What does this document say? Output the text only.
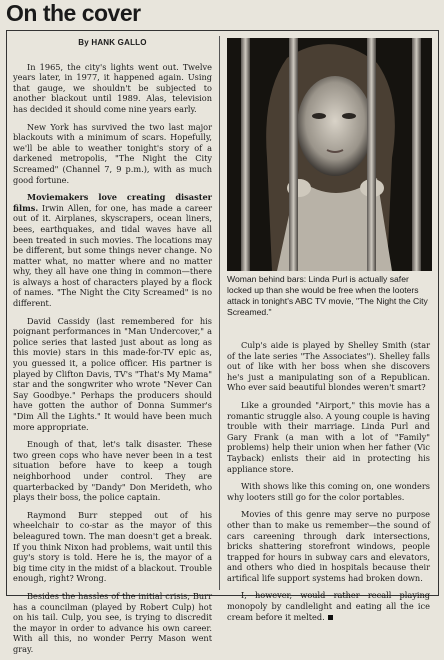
On the cover
By HANK GALLO

In 1965, the city's lights went out. Twelve years later, in 1977, it happened again. Using that gauge, we shouldn't be subjected to another blackout until 1989. Alas, television has decided it should come nine years early.

New York has survived the two last major blackouts with a minimum of scars. Hopefully, we'll be able to weather tonight's story of a darkened metropolis, "The Night the City Screamed" (Channel 7, 9 p.m.), with as much good fortune.

Moviemakers love creating disaster films. Irwin Allen, for one, has made a career out of it. Airplanes, skyscrapers, ocean liners, bees, earthquakes, and tidal waves have all been treated in such movies. The locations may be different, but some things never change. No matter what, no matter where and no matter why, they all have one thing in common—there is always a host of characters played by a flock of names. "The Night the City Screamed" is no different.

David Cassidy (last remembered for his poignant performances in "Man Undercover," a police series that lasted just about as long as this movie) stars in this made-for-TV epic as, you guessed it, a police officer. His partner is played by Clifton Davis, TV's "That's My Mama" star and the songwriter who wrote "Never Can Say Goodbye." Perhaps the producers should have gotten the author of Donna Summer's "Dim All the Lights." It would have been much more appropriate.

Enough of that, let's talk disaster. These two green cops who have never been in a test situation before have to keep a tough neighborhood under control. They are quarterbacked by "Dandy" Don Merideth, who plays their boss, the police captain.

Raymond Burr stepped out of his wheelchair to co-star as the mayor of this beleagured town. The man doesn't get a break. If you think Nixon had problems, wait until this guy's story is told. Here he is, the mayor of a big time city in the midst of a blackout. Trouble enough, right? Wrong.

Besides the hassles of the initial crisis, Burr has a councilman (played by Robert Culp) hot on his tail. Culp, you see, is trying to discredit the mayor in order to advance his own career. With all this, no wonder Perry Mason went gray.

Woman behind bars: Linda Purl is actually safer locked up than she would be free when the looters attack in tonight's ABC TV movie, "The Night the City Screamed."

Culp's aide is played by Shelley Smith (star of the late series "The Associates"). Shelley falls out of like with her boss when she discovers he's just a manipulating son of a Republican. Who ever said beautiful blondes weren't smart?

Like a grounded "Airport," this movie has a romantic struggle also. A young couple is having trouble with their marriage. Linda Purl and Gary Frank (a man with a lot of "Family" problems) help their union when her father (Vic Tayback) enlists their aid in protecting his appliance store.

With shows like this coming on, one wonders why looters still go for the color portables.

Movies of this genre may serve no purpose other than to make us remember—the sound of cars careening through dark intersections, bricks shattering storefront windows, people trapped for hours in subway cars and elevators, and others who died in hospitals because their artifical life support systems had broken down.

I, however, would rather recall playing monopoly by candlelight and eating all the ice cream before it melted.
